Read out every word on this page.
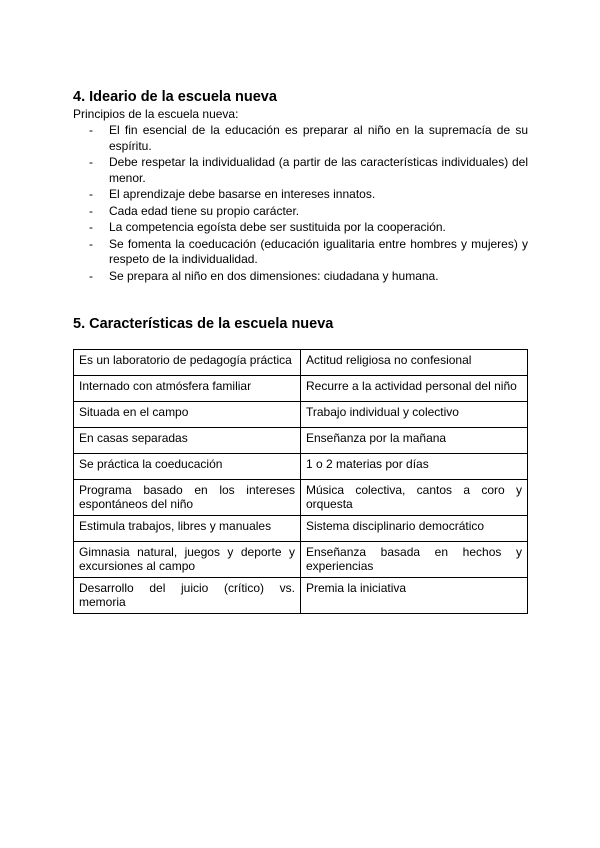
4. Ideario de la escuela nueva
Principios de la escuela nueva:
- El fin esencial de la educación es preparar al niño en la supremacía de su espíritu.
- Debe respetar la individualidad (a partir de las características individuales) del menor.
- El aprendizaje debe basarse en intereses innatos.
- Cada edad tiene su propio carácter.
- La competencia egoísta debe ser sustituida por la cooperación.
- Se fomenta la coeducación (educación igualitaria entre hombres y mujeres) y respeto de la individualidad.
- Se prepara al niño en dos dimensiones: ciudadana y humana.
5. Características de la escuela nueva
Es un laboratorio de pedagogía práctica	Actitud religiosa no confesional
Internado con atmósfera familiar	Recurre a la actividad personal del niño
Situada en el campo	Trabajo individual y colectivo
En casas separadas	Enseñanza por la mañana
Se práctica la coeducación	1 o 2 materias por días
Programa basado en los intereses espontáneos del niño	Música colectiva, cantos a coro y orquesta
Estimula trabajos, libres y manuales	Sistema disciplinario democrático
Gimnasia natural, juegos y deporte y excursiones al campo	Enseñanza basada en hechos y experiencias
Desarrollo del juicio (crítico) vs. memoria	Premia la iniciativa
